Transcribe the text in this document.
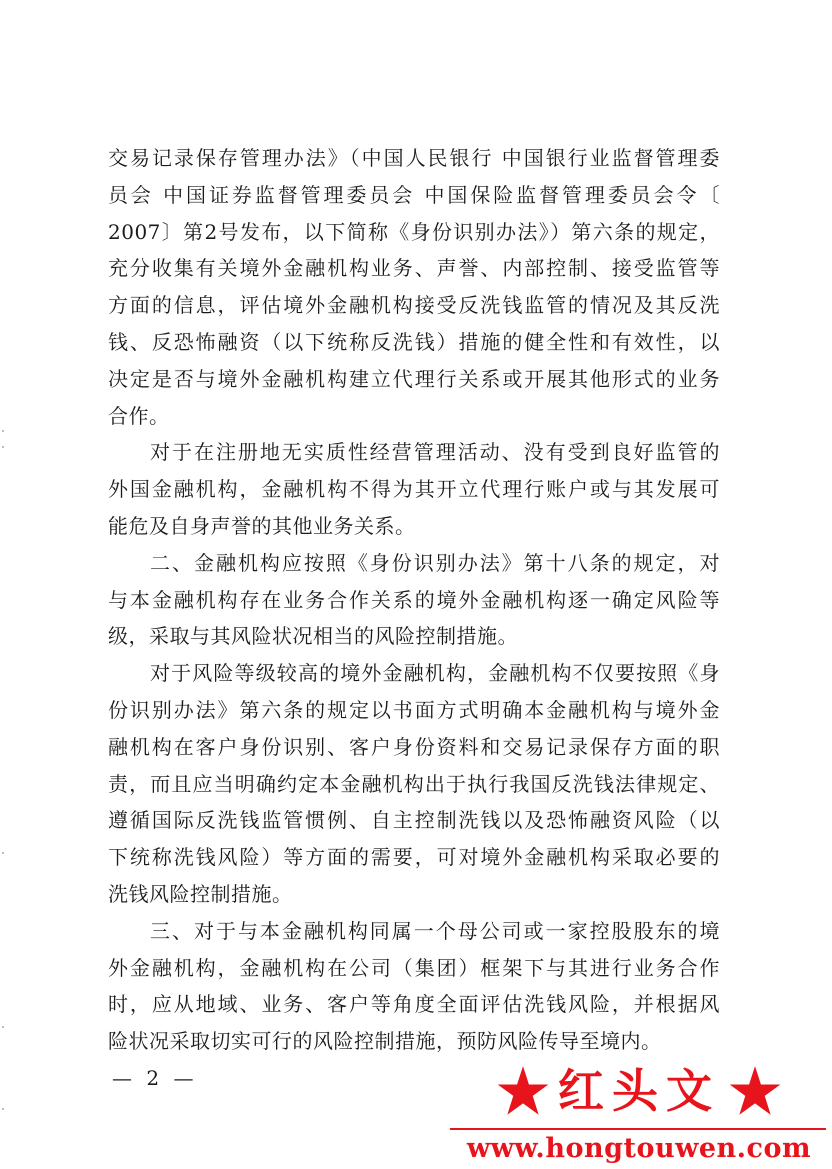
交易记录保存管理办法》（中国人民银行 中国银行业监督管理委
员会 中国证券监督管理委员会 中国保险监督管理委员会令〔
2007〕第2号发布，以下简称《身份识别办法》）第六条的规定，
充分收集有关境外金融机构业务、声誉、内部控制、接受监管等
方面的信息，评估境外金融机构接受反洗钱监管的情况及其反洗
钱、反恐怖融资（以下统称反洗钱）措施的健全性和有效性，以
决定是否与境外金融机构建立代理行关系或开展其他形式的业务
合作。
对于在注册地无实质性经营管理活动、没有受到良好监管的
外国金融机构，金融机构不得为其开立代理行账户或与其发展可
能危及自身声誉的其他业务关系。
二、金融机构应按照《身份识别办法》第十八条的规定，对
与本金融机构存在业务合作关系的境外金融机构逐一确定风险等
级，采取与其风险状况相当的风险控制措施。
对于风险等级较高的境外金融机构，金融机构不仅要按照《身
份识别办法》第六条的规定以书面方式明确本金融机构与境外金
融机构在客户身份识别、客户身份资料和交易记录保存方面的职
责，而且应当明确约定本金融机构出于执行我国反洗钱法律规定、
遵循国际反洗钱监管惯例、自主控制洗钱以及恐怖融资风险（以
下统称洗钱风险）等方面的需要，可对境外金融机构采取必要的
洗钱风险控制措施。
三、对于与本金融机构同属一个母公司或一家控股股东的境
外金融机构，金融机构在公司（集团）框架下与其进行业务合作
时，应从地域、业务、客户等角度全面评估洗钱风险，并根据风
险状况采取切实可行的风险控制措施，预防风险传导至境内。
— 2 —	红头文
www.hongtouwen.com
